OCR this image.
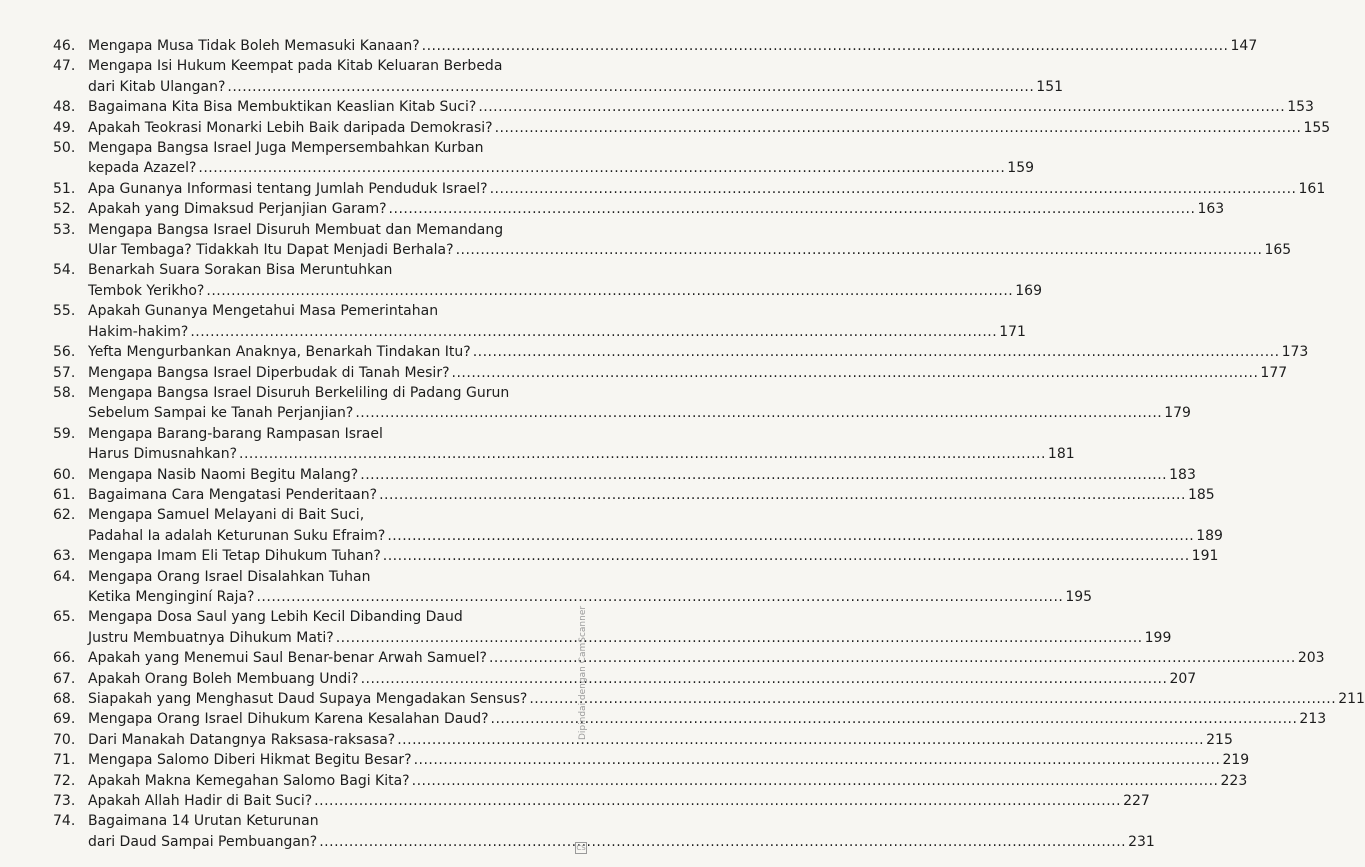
46. Mengapa Musa Tidak Boleh Memasuki Kanaan? .....	147
47. Mengapa Isi Hukum Keempat pada Kitab Keluaran Berbeda
dari Kitab Ulangan? .....	151
48. Bagaimana Kita Bisa Membuktikan Keaslian Kitab Suci? .....	153
49. Apakah Teokrasi Monarki Lebih Baik daripada Demokrasi? .....	155
50. Mengapa Bangsa Israel Juga Mempersembahkan Kurban
kepada Azazel? .....	159
51. Apa Gunanya Informasi tentang Jumlah Penduduk Israel? .....	161
52. Apakah yang Dimaksud Perjanjian Garam? .....	163
53. Mengapa Bangsa Israel Disuruh Membuat dan Memandang
Ular Tembaga? Tidakkah Itu Dapat Menjadi Berhala? .....	165
54. Benarkah Suara Sorakan Bisa Meruntuhkan
Tembok Yerikho? .....	169
55. Apakah Gunanya Mengetahui Masa Pemerintahan
Hakim-hakim? .....	171
56. Yefta Mengurbankan Anaknya, Benarkah Tindakan Itu? .....	173
57. Mengapa Bangsa Israel Diperbudak di Tanah Mesir? .....	177
58. Mengapa Bangsa Israel Disuruh Berkeliling di Padang Gurun
Sebelum Sampai ke Tanah Perjanjian? .....	179
59. Mengapa Barang-barang Rampasan Israel
Harus Dimusnahkan? .....	181
60. Mengapa Nasib Naomi Begitu Malang? .....	183
61. Bagaimana Cara Mengatasi Penderitaan? .....	185
62. Mengapa Samuel Melayani di Bait Suci,
Padahal Ia adalah Keturunan Suku Efraim? .....	189
63. Mengapa Imam Eli Tetap Dihukum Tuhan? .....	191
64. Mengapa Orang Israel Disalahkan Tuhan
Ketika Menginginí Raja? .....	195
65. Mengapa Dosa Saul yang Lebih Kecil Dibanding Daud
Justru Membuatnya Dihukum Mati? .....	199
66. Apakah yang Menemui Saul Benar-benar Arwah Samuel? .....	203
67. Apakah Orang Boleh Membuang Undi? .....	207
68. Siapakah yang Menghasut Daud Supaya Mengadakan Sensus? .....	211
69. Mengapa Orang Israel Dihukum Karena Kesalahan Daud? .....	213
70. Dari Manakah Datangnya Raksasa-raksasa? .....	215
71. Mengapa Salomo Diberi Hikmat Begitu Besar? .....	219
72. Apakah Makna Kemegahan Salomo Bagi Kita? .....	223
73. Apakah Allah Hadir di Bait Suci? .....	227
74. Bagaimana 14 Urutan Keturunan
dari Daud Sampai Pembuangan? .....	231
Dipindai dengan CamScanner
CS
